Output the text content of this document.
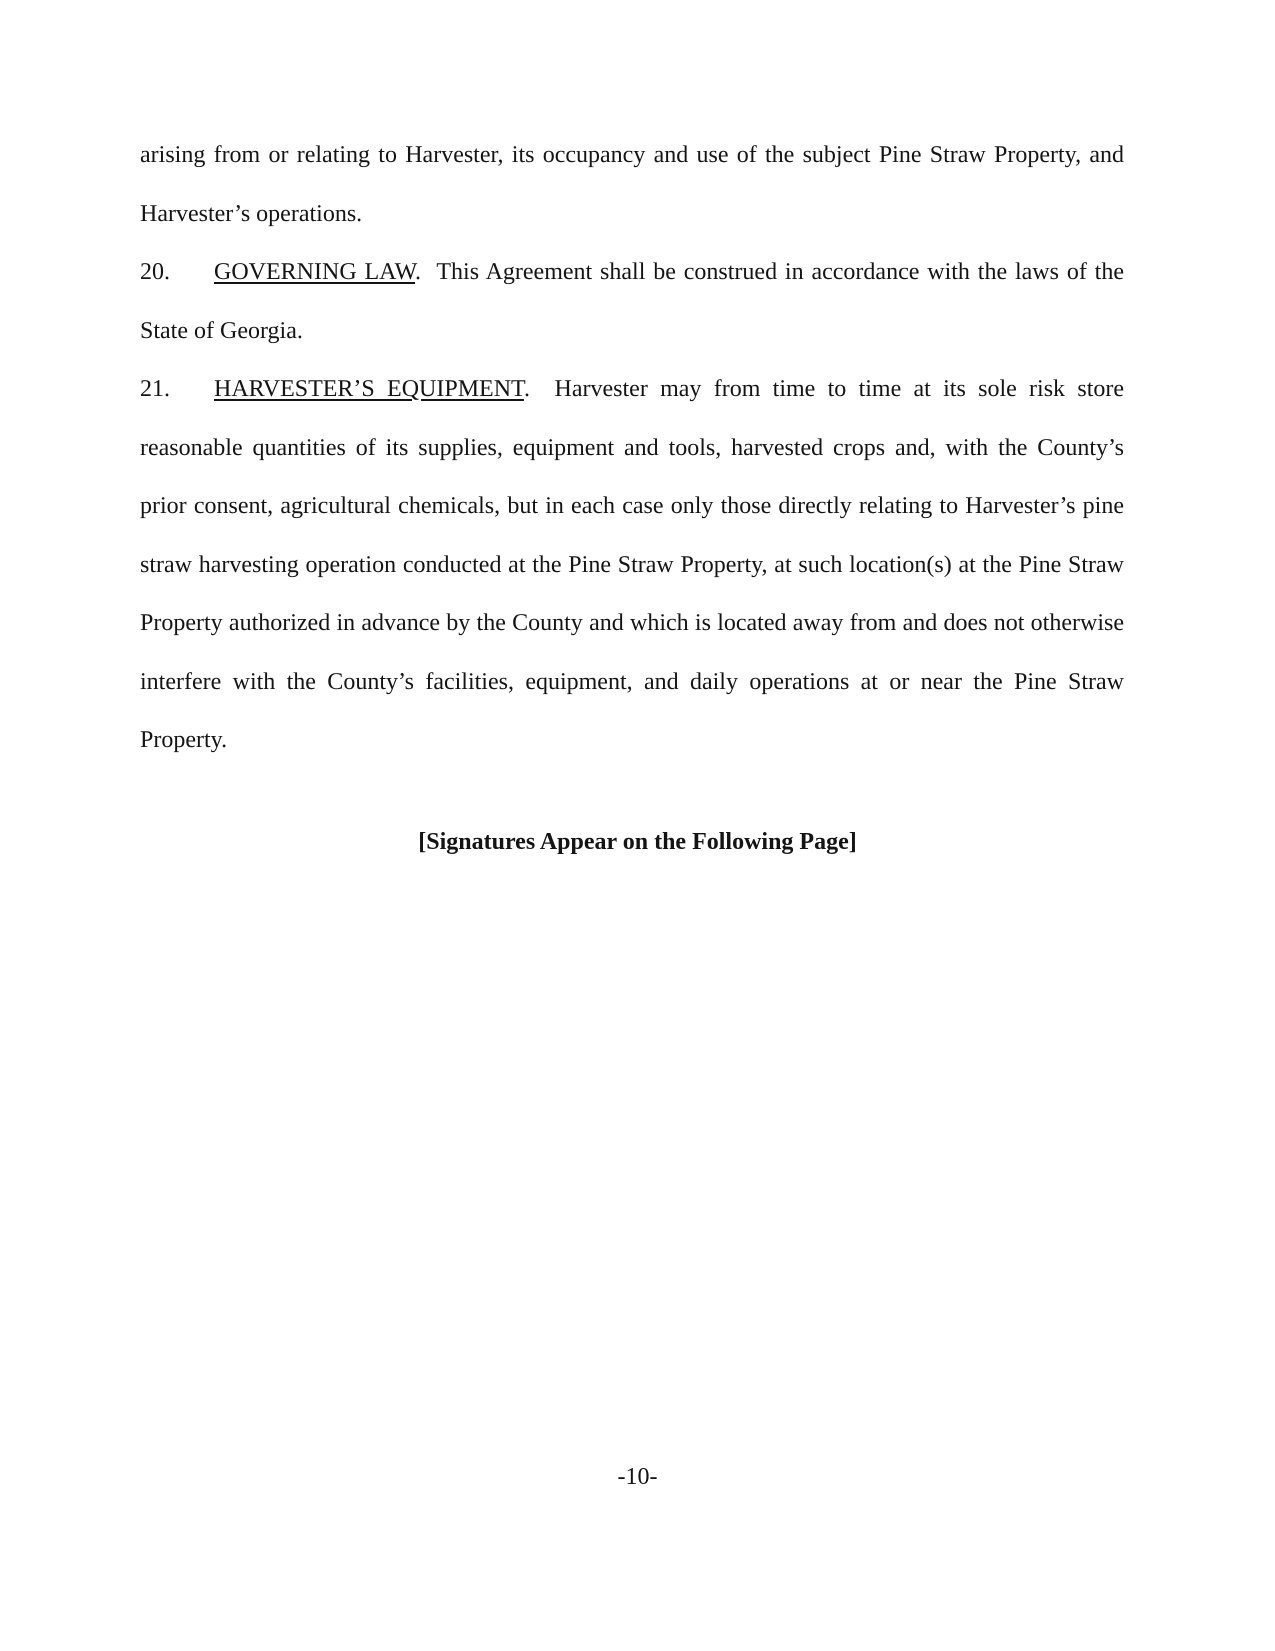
arising from or relating to Harvester, its occupancy and use of the subject Pine Straw Property, and Harvester’s operations.

20. GOVERNING LAW. This Agreement shall be construed in accordance with the laws of the State of Georgia.

21. HARVESTER’S EQUIPMENT. Harvester may from time to time at its sole risk store reasonable quantities of its supplies, equipment and tools, harvested crops and, with the County’s prior consent, agricultural chemicals, but in each case only those directly relating to Harvester’s pine straw harvesting operation conducted at the Pine Straw Property, at such location(s) at the Pine Straw Property authorized in advance by the County and which is located away from and does not otherwise interfere with the County’s facilities, equipment, and daily operations at or near the Pine Straw Property.

[Signatures Appear on the Following Page]
-10-
